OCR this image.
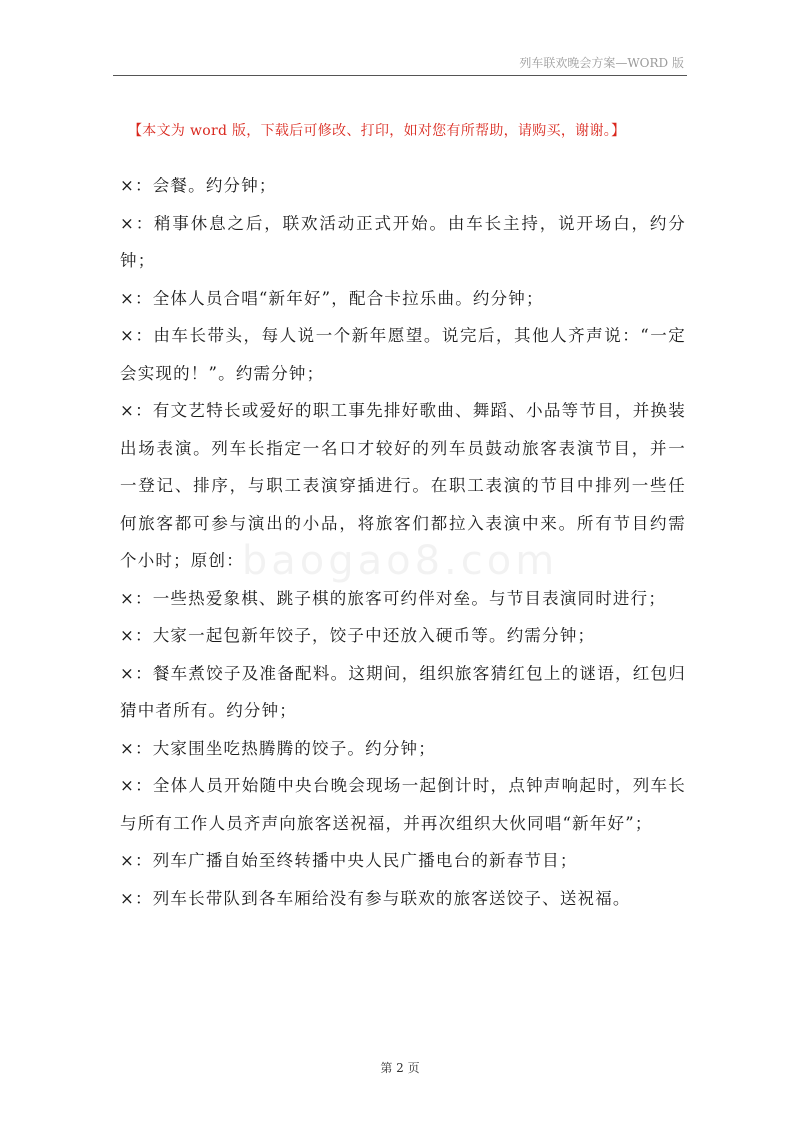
列车联欢晚会方案—WORD 版
【本文为 word 版，下载后可修改、打印，如对您有所帮助，请购买，谢谢。】
baogao8.com

×：会餐。约分钟；

×：稍事休息之后，联欢活动正式开始。由车长主持，说开场白，约分钟；

×：全体人员合唱“新年好”，配合卡拉乐曲。约分钟；

×：由车长带头，每人说一个新年愿望。说完后，其他人齐声说：“一定会实现的！”。约需分钟；

×：有文艺特长或爱好的职工事先排好歌曲、舞蹈、小品等节目，并换装出场表演。列车长指定一名口才较好的列车员鼓动旅客表演节目，并一一登记、排序，与职工表演穿插进行。在职工表演的节目中排列一些任何旅客都可参与演出的小品，将旅客们都拉入表演中来。所有节目约需个小时；原创：

×：一些热爱象棋、跳子棋的旅客可约伴对垒。与节目表演同时进行；

×：大家一起包新年饺子，饺子中还放入硬币等。约需分钟；

×：餐车煮饺子及准备配料。这期间，组织旅客猜红包上的谜语，红包归猜中者所有。约分钟；

×：大家围坐吃热腾腾的饺子。约分钟；

×：全体人员开始随中央台晚会现场一起倒计时，点钟声响起时，列车长与所有工作人员齐声向旅客送祝福，并再次组织大伙同唱“新年好”；

×：列车广播自始至终转播中央人民广播电台的新春节目；

×：列车长带队到各车厢给没有参与联欢的旅客送饺子、送祝福。

第 2 页
